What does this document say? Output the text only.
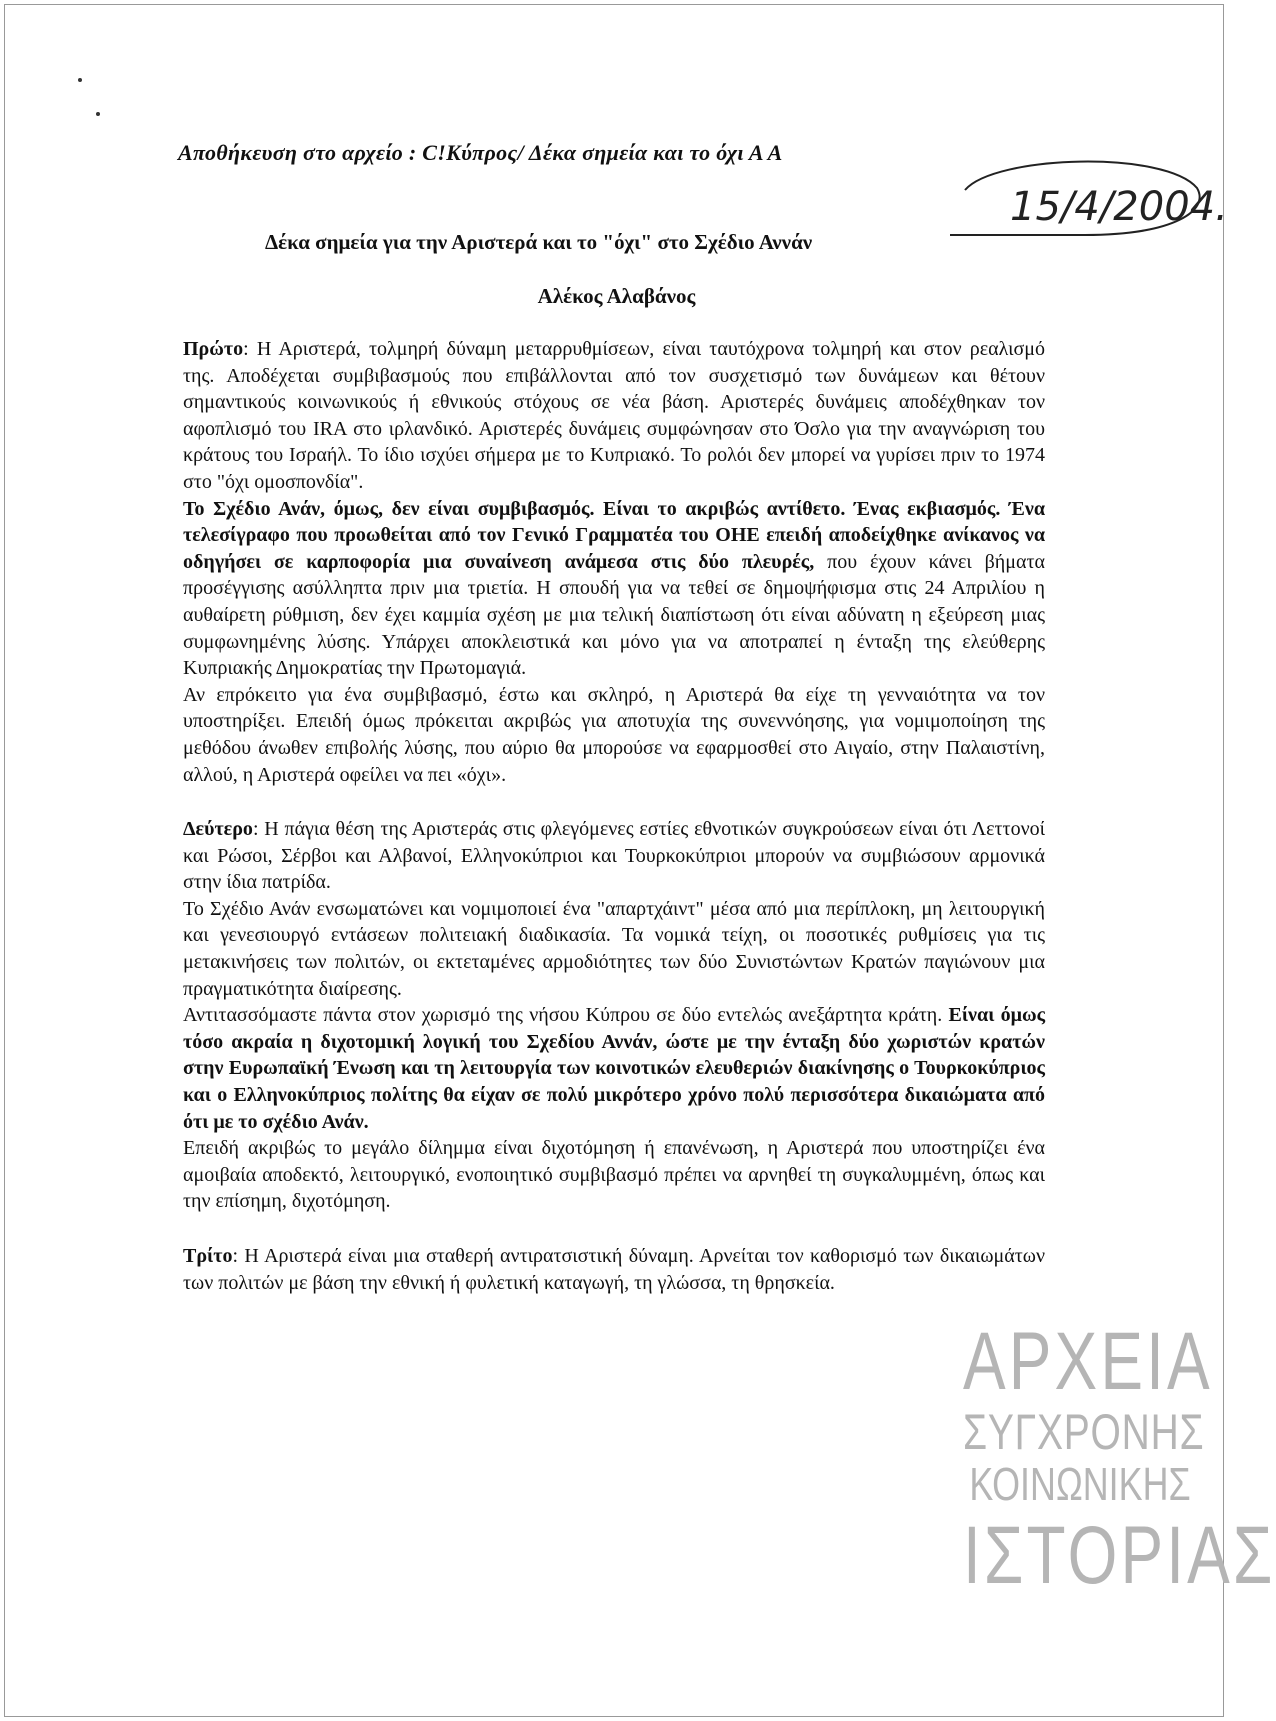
Αποθήκευση στο αρχείο : C!Κύπρος/ Δέκα σημεία και το όχι Α Α
15/4/2004.
Δέκα σημεία για την Αριστερά και το "όχι" στο Σχέδιο Αννάν
Αλέκος Αλαβάνος

Πρώτο: Η Αριστερά, τολμηρή δύναμη μεταρρυθμίσεων, είναι ταυτόχρονα τολμηρή και στον ρεαλισμό της. Αποδέχεται συμβιβασμούς που επιβάλλονται από τον συσχετισμό των δυνάμεων και θέτουν σημαντικούς κοινωνικούς ή εθνικούς στόχους σε νέα βάση. Αριστερές δυνάμεις αποδέχθηκαν τον αφοπλισμό του IRA στο ιρλανδικό. Αριστερές δυνάμεις συμφώνησαν στο Όσλο για την αναγνώριση του κράτους του Ισραήλ. Το ίδιο ισχύει σήμερα με το Κυπριακό. Το ρολόι δεν μπορεί να γυρίσει πριν το 1974 στο "όχι ομοσπονδία".

Το Σχέδιο Ανάν, όμως, δεν είναι συμβιβασμός. Είναι το ακριβώς αντίθετο. Ένας εκβιασμός. Ένα τελεσίγραφο που προωθείται από τον Γενικό Γραμματέα του ΟΗΕ επειδή αποδείχθηκε ανίκανος να οδηγήσει σε καρποφορία μια συναίνεση ανάμεσα στις δύο πλευρές, που έχουν κάνει βήματα προσέγγισης ασύλληπτα πριν μια τριετία. Η σπουδή για να τεθεί σε δημοψήφισμα στις 24 Απριλίου η αυθαίρετη ρύθμιση, δεν έχει καμμία σχέση με μια τελική διαπίστωση ότι είναι αδύνατη η εξεύρεση μιας συμφωνημένης λύσης. Υπάρχει αποκλειστικά και μόνο για να αποτραπεί η ένταξη της ελεύθερης Κυπριακής Δημοκρατίας την Πρωτομαγιά.

Αν επρόκειτο για ένα συμβιβασμό, έστω και σκληρό, η Αριστερά θα είχε τη γενναιότητα να τον υποστηρίξει. Επειδή όμως πρόκειται ακριβώς για αποτυχία της συνεννόησης, για νομιμοποίηση της μεθόδου άνωθεν επιβολής λύσης, που αύριο θα μπορούσε να εφαρμοσθεί στο Αιγαίο, στην Παλαιστίνη, αλλού, η Αριστερά οφείλει να πει «όχι».

Δεύτερο: Η πάγια θέση της Αριστεράς στις φλεγόμενες εστίες εθνοτικών συγκρούσεων είναι ότι Λεττονοί και Ρώσοι, Σέρβοι και Αλβανοί, Ελληνοκύπριοι και Τουρκοκύπριοι μπορούν να συμβιώσουν αρμονικά στην ίδια πατρίδα.

Το Σχέδιο Ανάν ενσωματώνει και νομιμοποιεί ένα "απαρτχάιντ" μέσα από μια περίπλοκη, μη λειτουργική και γενεσιουργό εντάσεων πολιτειακή διαδικασία. Τα νομικά τείχη, οι ποσοτικές ρυθμίσεις για τις μετακινήσεις των πολιτών, οι εκτεταμένες αρμοδιότητες των δύο Συνιστώντων Κρατών παγιώνουν μια πραγματικότητα διαίρεσης.

Αντιτασσόμαστε πάντα στον χωρισμό της νήσου Κύπρου σε δύο εντελώς ανεξάρτητα κράτη. Είναι όμως τόσο ακραία η διχοτομική λογική του Σχεδίου Αννάν, ώστε με την ένταξη δύο χωριστών κρατών στην Ευρωπαϊκή Ένωση και τη λειτουργία των κοινοτικών ελευθεριών διακίνησης ο Τουρκοκύπριος και ο Ελληνοκύπριος πολίτης θα είχαν σε πολύ μικρότερο χρόνο πολύ περισσότερα δικαιώματα από ότι με το σχέδιο Ανάν.

Επειδή ακριβώς το μεγάλο δίλημμα είναι διχοτόμηση ή επανένωση, η Αριστερά που υποστηρίζει ένα αμοιβαία αποδεκτό, λειτουργικό, ενοποιητικό συμβιβασμό πρέπει να αρνηθεί τη συγκαλυμμένη, όπως και την επίσημη, διχοτόμηση.

Τρίτο: Η Αριστερά είναι μια σταθερή αντιρατσιστική δύναμη. Αρνείται τον καθορισμό των δικαιωμάτων των πολιτών με βάση την εθνική ή φυλετική καταγωγή, τη γλώσσα, τη θρησκεία.

ΑΡΧΕΙΑ
ΣΥΓΧΡΟΝΗΣ
ΚΟΙΝΩΝΙΚΗΣ
ΙΣΤΟΡΙΑΣ
